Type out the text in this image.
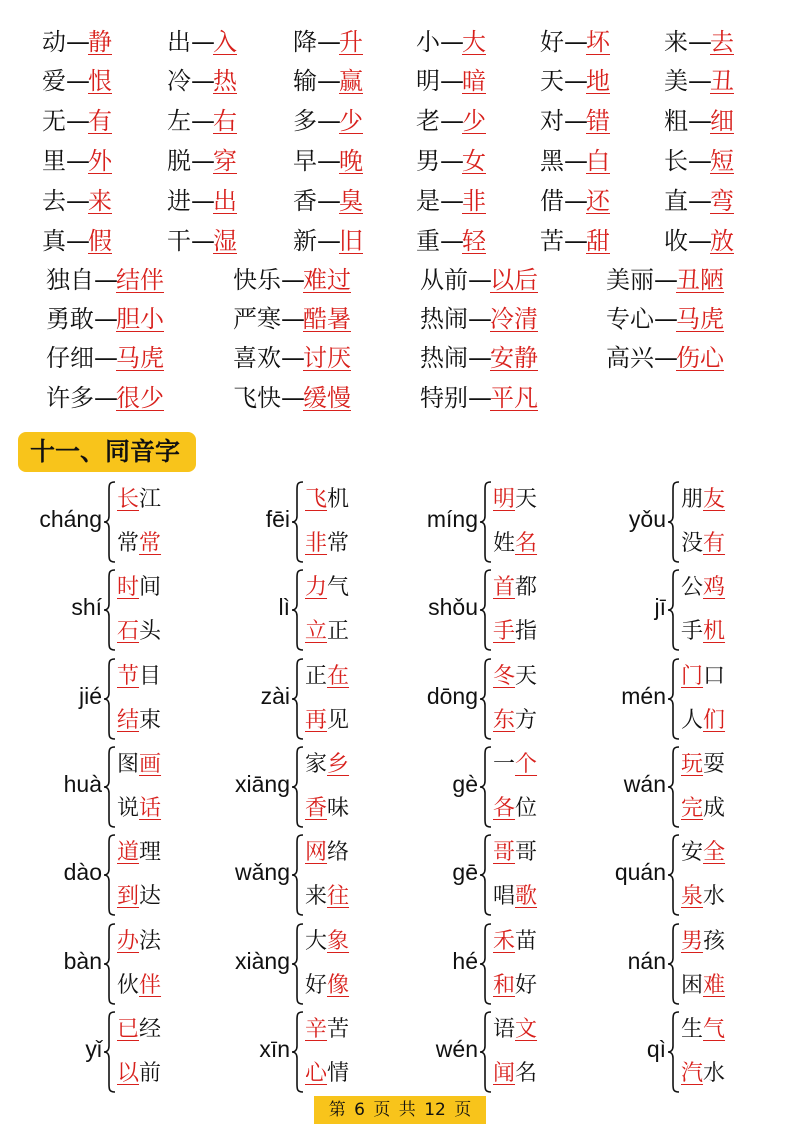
动—静 出—入 降—升 小—大 好—坏 来—去
爱—恨 冷—热 输—赢 明—暗 天—地 美—丑
无—有 左—右 多—少 老—少 对—错 粗—细
里—外 脱—穿 早—晚 男—女 黑—白 长—短
去—来 进—出 香—臭 是—非 借—还 直—弯
真—假 干—湿 新—旧 重—轻 苦—甜 收—放
独自—结伴	快乐—难过	从前—以后	美丽—丑陋
勇敢—胆小	严寒—酷暑	热闹—冷清	专心—马虎
仔细—马虎	喜欢—讨厌	热闹—安静	高兴—伤心
许多—很少	飞快—缓慢	特别—平凡
十一、同音字
cháng
长江
常常
fēi
飞机
非常
míng
明天
姓名
yǒu
朋友
没有
shí
时间
石头
lì
力气
立正
shǒu
首都
手指
jī
公鸡
手机
jié
节目
结束
zài
正在
再见
dōng
冬天
东方
mén
门口
人们
huà
图画
说话
xiāng
家乡
香味
gè
一个
各位
wán
玩耍
完成
dào
道理
到达
wǎng
网络
来往
gē
哥哥
唱歌
quán
安全
泉水
bàn
办法
伙伴
xiàng
大象
好像
hé
禾苗
和好
nán
男孩
困难
yǐ
已经
以前
xīn
辛苦
心情
wén
语文
闻名
qì
生气
汽水
第 6 页 共 12 页
